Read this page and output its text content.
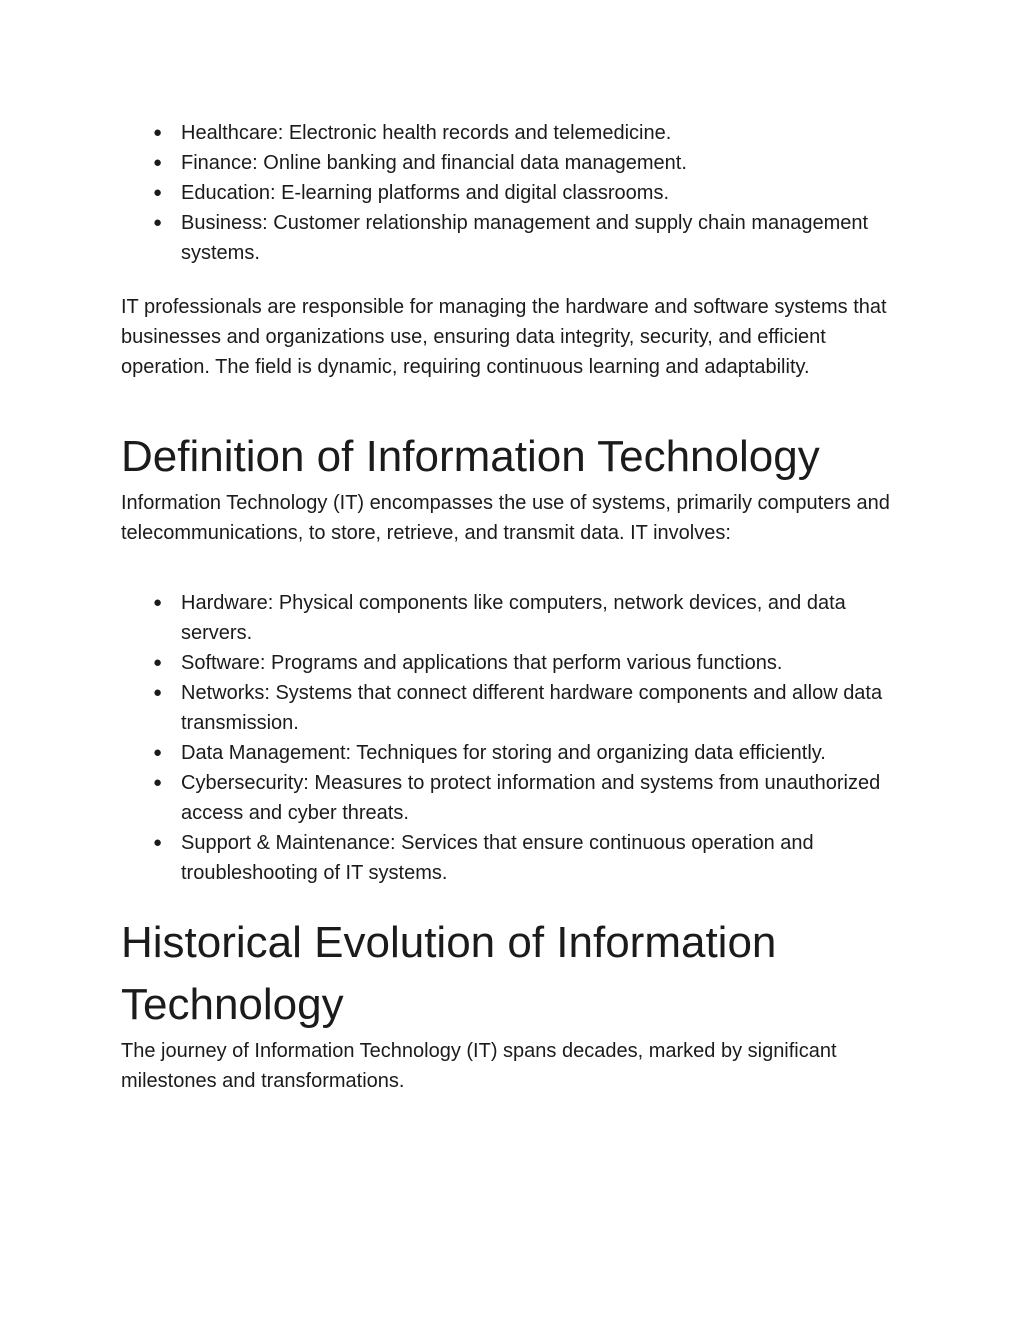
● Healthcare: Electronic health records and telemedicine.
● Finance: Online banking and financial data management.
● Education: E-learning platforms and digital classrooms.
● Business: Customer relationship management and supply chain management systems.

IT professionals are responsible for managing the hardware and software systems that businesses and organizations use, ensuring data integrity, security, and efficient operation. The field is dynamic, requiring continuous learning and adaptability.

Definition of Information Technology

Information Technology (IT) encompasses the use of systems, primarily computers and telecommunications, to store, retrieve, and transmit data. IT involves:

● Hardware: Physical components like computers, network devices, and data servers.
● Software: Programs and applications that perform various functions.
● Networks: Systems that connect different hardware components and allow data transmission.
● Data Management: Techniques for storing and organizing data efficiently.
● Cybersecurity: Measures to protect information and systems from unauthorized access and cyber threats.
● Support & Maintenance: Services that ensure continuous operation and troubleshooting of IT systems.
Historical Evolution of Information Technology

The journey of Information Technology (IT) spans decades, marked by significant milestones and transformations.
